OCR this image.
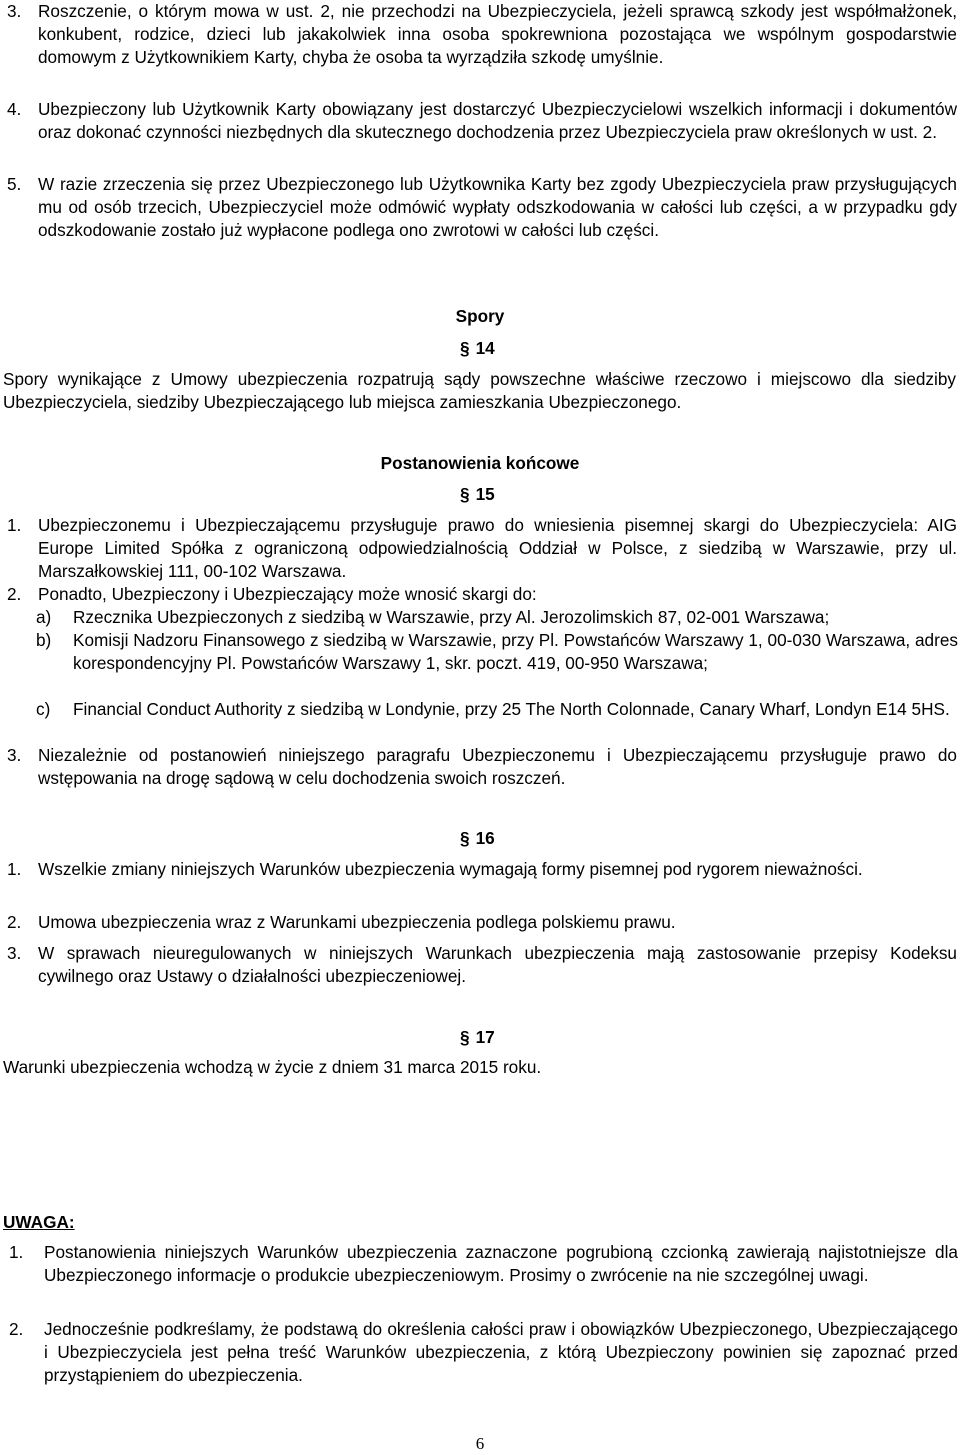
3. Roszczenie, o którym mowa w ust. 2, nie przechodzi na Ubezpieczyciela, jeżeli sprawcą szkody jest współmałżonek, konkubent, rodzice, dzieci lub jakakolwiek inna osoba spokrewniona pozostająca we wspólnym gospodarstwie domowym z Użytkownikiem Karty, chyba że osoba ta wyrządziła szkodę umyślnie.
4. Ubezpieczony lub Użytkownik Karty obowiązany jest dostarczyć Ubezpieczycielowi wszelkich informacji i dokumentów oraz dokonać czynności niezbędnych dla skutecznego dochodzenia przez Ubezpieczyciela praw określonych w ust. 2.
5. W razie zrzeczenia się przez Ubezpieczonego lub Użytkownika Karty bez zgody Ubezpieczyciela praw przysługujących mu od osób trzecich, Ubezpieczyciel może odmówić wypłaty odszkodowania w całości lub części, a w przypadku gdy odszkodowanie zostało już wypłacone podlega ono zwrotowi w całości lub części.
Spory
§ 14
Spory wynikające z Umowy ubezpieczenia rozpatrują sądy powszechne właściwe rzeczowo i miejscowo dla siedziby Ubezpieczyciela, siedziby Ubezpieczającego lub miejsca zamieszkania Ubezpieczonego.
Postanowienia końcowe
§ 15
1. Ubezpieczonemu i Ubezpieczającemu przysługuje prawo do wniesienia pisemnej skargi do Ubezpieczyciela: AIG Europe Limited Spółka z ograniczoną odpowiedzialnością Oddział w Polsce, z siedzibą w Warszawie, przy ul. Marszałkowskiej 111, 00-102 Warszawa.
2. Ponadto, Ubezpieczony i Ubezpieczający może wnosić skargi do:
a) Rzecznika Ubezpieczonych z siedzibą w Warszawie, przy Al. Jerozolimskich 87, 02-001 Warszawa;
b) Komisji Nadzoru Finansowego z siedzibą w Warszawie, przy Pl. Powstańców Warszawy 1, 00-030 Warszawa, adres korespondencyjny Pl. Powstańców Warszawy 1, skr. poczt. 419, 00-950 Warszawa;
c) Financial Conduct Authority z siedzibą w Londynie, przy 25 The North Colonnade, Canary Wharf, Londyn E14 5HS.
3. Niezależnie od postanowień niniejszego paragrafu Ubezpieczonemu i Ubezpieczającemu przysługuje prawo do wstępowania na drogę sądową w celu dochodzenia swoich roszczeń.
§ 16
1. Wszelkie zmiany niniejszych Warunków ubezpieczenia wymagają formy pisemnej pod rygorem nieważności.
2. Umowa ubezpieczenia wraz z Warunkami ubezpieczenia podlega polskiemu prawu.
3. W sprawach nieuregulowanych w niniejszych Warunkach ubezpieczenia mają zastosowanie przepisy Kodeksu cywilnego oraz Ustawy o działalności ubezpieczeniowej.
§ 17
Warunki ubezpieczenia wchodzą w życie z dniem 31 marca 2015 roku.
UWAGA:
1. Postanowienia niniejszych Warunków ubezpieczenia zaznaczone pogrubioną czcionką zawierają najistotniejsze dla Ubezpieczonego informacje o produkcie ubezpieczeniowym. Prosimy o zwrócenie na nie szczególnej uwagi.
2. Jednocześnie podkreślamy, że podstawą do określenia całości praw i obowiązków Ubezpieczonego, Ubezpieczającego i Ubezpieczyciela jest pełna treść Warunków ubezpieczenia, z którą Ubezpieczony powinien się zapoznać przed przystąpieniem do ubezpieczenia.
6
